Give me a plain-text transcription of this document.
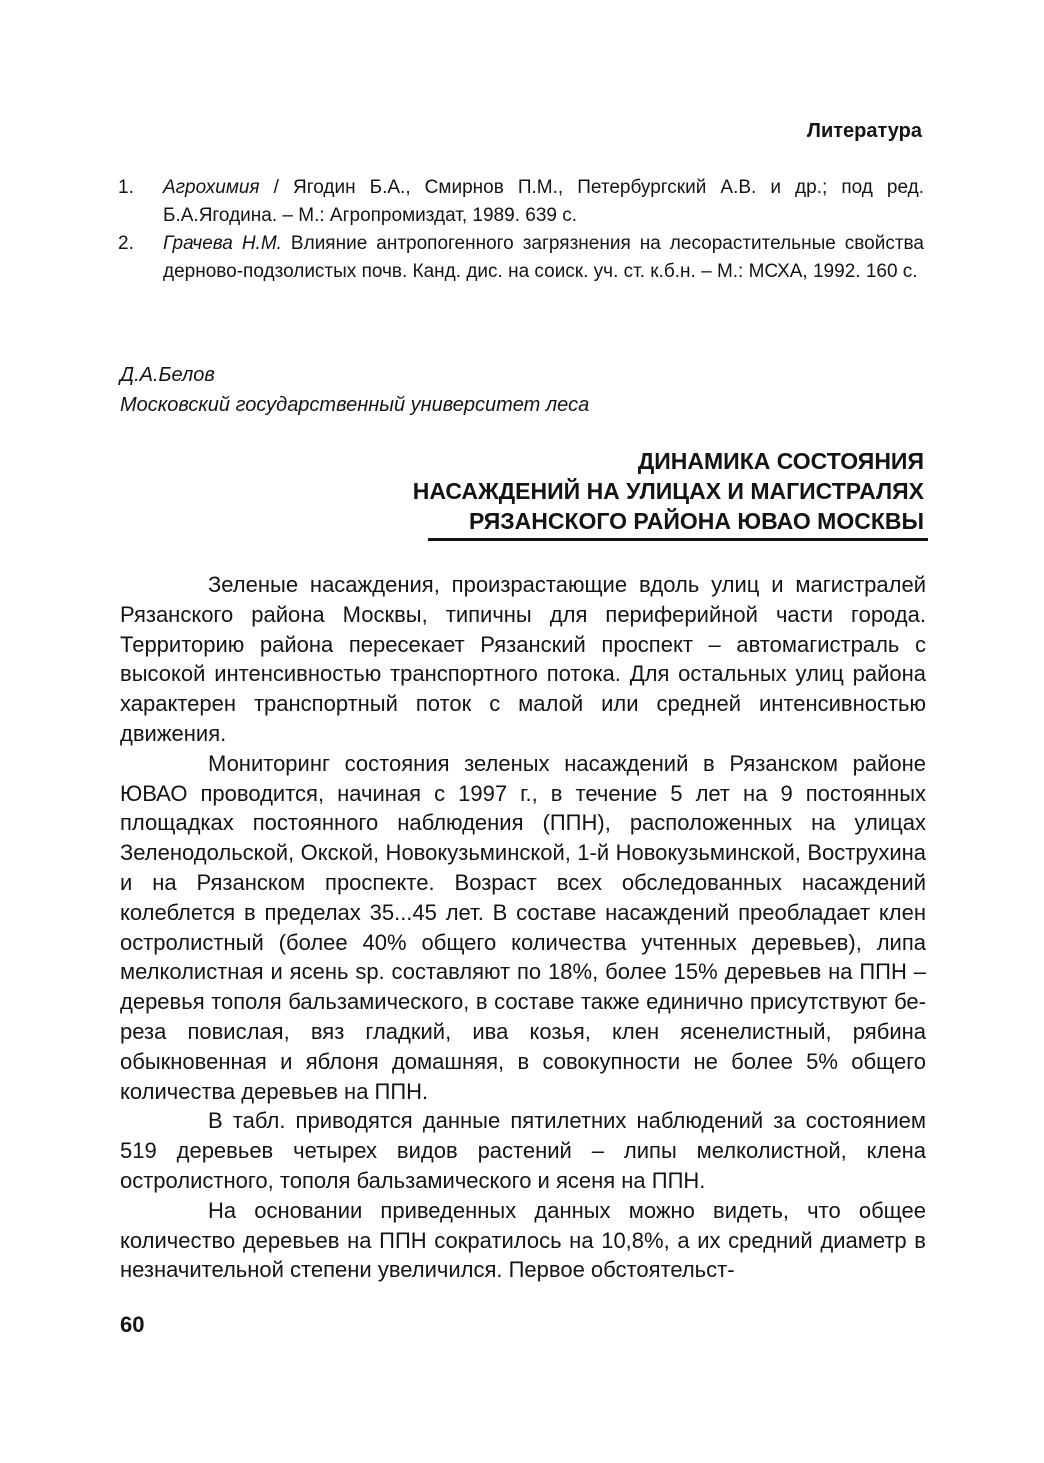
Литература
1. Агрохимия / Ягодин Б.А., Смирнов П.М., Петербургский А.В. и др.; под ред. Б.А.Ягодина. – М.: Агропромиздат, 1989. 639 с.
2. Грачева Н.М. Влияние антропогенного загрязнения на лесорастительные свойства дерново-подзолистых почв. Канд. дис. на соиск. уч. ст. к.б.н. – М.: МСХА, 1992. 160 с.
Д.А.Белов
Московский государственный университет леса
ДИНАМИКА СОСТОЯНИЯ
НАСАЖДЕНИЙ НА УЛИЦАХ И МАГИСТРАЛЯХ
РЯЗАНСКОГО РАЙОНА ЮВАО МОСКВЫ

Зеленые насаждения, произрастающие вдоль улиц и магистралей Рязанского района Москвы, типичны для периферийной части города. Территорию района пересекает Рязанский проспект – автомагистраль с высокой интенсивностью транспортного потока. Для остальных улиц района характерен транспортный поток с малой или средней интенсивностью движения.

Мониторинг состояния зеленых насаждений в Рязанском районе ЮВАО проводится, начиная с 1997 г., в течение 5 лет на 9 постоянных площадках постоянного наблюдения (ППН), расположенных на улицах Зеленодольской, Окской, Новокузьминской, 1-й Новокузьминской, Вострухина и на Рязанском проспекте. Возраст всех обследованных насаждений колеблется в пределах 35...45 лет. В составе насаждений преобладает клен остролистный (более 40% общего количества учтенных деревьев), липа мелколистная и ясень sp. составляют по 18%, более 15% деревьев на ППН – деревья тополя бальзамического, в составе также единично присутствуют береза повислая, вяз гладкий, ива козья, клен ясенелистный, рябина обыкновенная и яблоня домашняя, в совокупности не более 5% общего количества деревьев на ППН.

В табл. приводятся данные пятилетних наблюдений за состоянием 519 деревьев четырех видов растений – липы мелколистной, клена остролистного, тополя бальзамического и ясеня на ППН.

На основании приведенных данных можно видеть, что общее количество деревьев на ППН сократилось на 10,8%, а их средний диаметр в незначительной степени увеличился. Первое обстоятельст-

60
